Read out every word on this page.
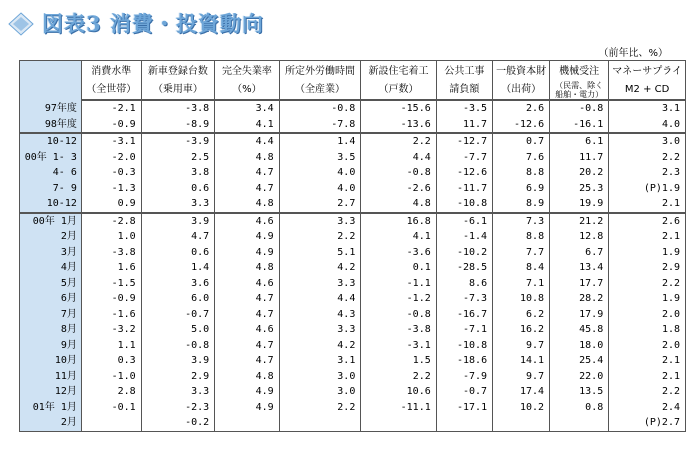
図表3 消費・投資動向
（前年比、%）
	消費水準	新車登録台数	完全失業率	所定外労働時間	新設住宅着工	公共工事	一般資本財	機械受注	マネーサプライ
	（全世帯）	（乗用車）	（%）	（全産業）	（戸数）	請負額	（出荷）	（民需、除く船舶・電力）	M2 + CD
97年度	-2.1	-3.8	3.4	-0.8	-15.6	-3.5	2.6	-0.8	3.1
98年度	-0.9	-8.9	4.1	-7.8	-13.6	11.7	-12.6	-16.1	4.0
10-12	-3.1	-3.9	4.4	1.4	2.2	-12.7	0.7	6.1	3.0
00年 1- 3	-2.0	2.5	4.8	3.5	4.4	-7.7	7.6	11.7	2.2
4- 6	-0.3	3.8	4.7	4.0	-0.8	-12.6	8.8	20.2	2.3
7- 9	-1.3	0.6	4.7	4.0	-2.6	-11.7	6.9	25.3	(P)1.9
10-12	0.9	3.3	4.8	2.7	4.8	-10.8	8.9	19.9	2.1
00年 1月	-2.8	3.9	4.6	3.3	16.8	-6.1	7.3	21.2	2.6
2月	1.0	4.7	4.9	2.2	4.1	-1.4	8.8	12.8	2.1
3月	-3.8	0.6	4.9	5.1	-3.6	-10.2	7.7	6.7	1.9
4月	1.6	1.4	4.8	4.2	0.1	-28.5	8.4	13.4	2.9
5月	-1.5	3.6	4.6	3.3	-1.1	8.6	7.1	17.7	2.2
6月	-0.9	6.0	4.7	4.4	-1.2	-7.3	10.8	28.2	1.9
7月	-1.6	-0.7	4.7	4.3	-0.8	-16.7	6.2	17.9	2.0
8月	-3.2	5.0	4.6	3.3	-3.8	-7.1	16.2	45.8	1.8
9月	1.1	-0.8	4.7	4.2	-3.1	-10.8	9.7	18.0	2.0
10月	0.3	3.9	4.7	3.1	1.5	-18.6	14.1	25.4	2.1
11月	-1.0	2.9	4.8	3.0	2.2	-7.9	9.7	22.0	2.1
12月	2.8	3.3	4.9	3.0	10.6	-0.7	17.4	13.5	2.2
01年 1月	-0.1	-2.3	4.9	2.2	-11.1	-17.1	10.2	0.8	2.4
2月		-0.2							(P)2.7
